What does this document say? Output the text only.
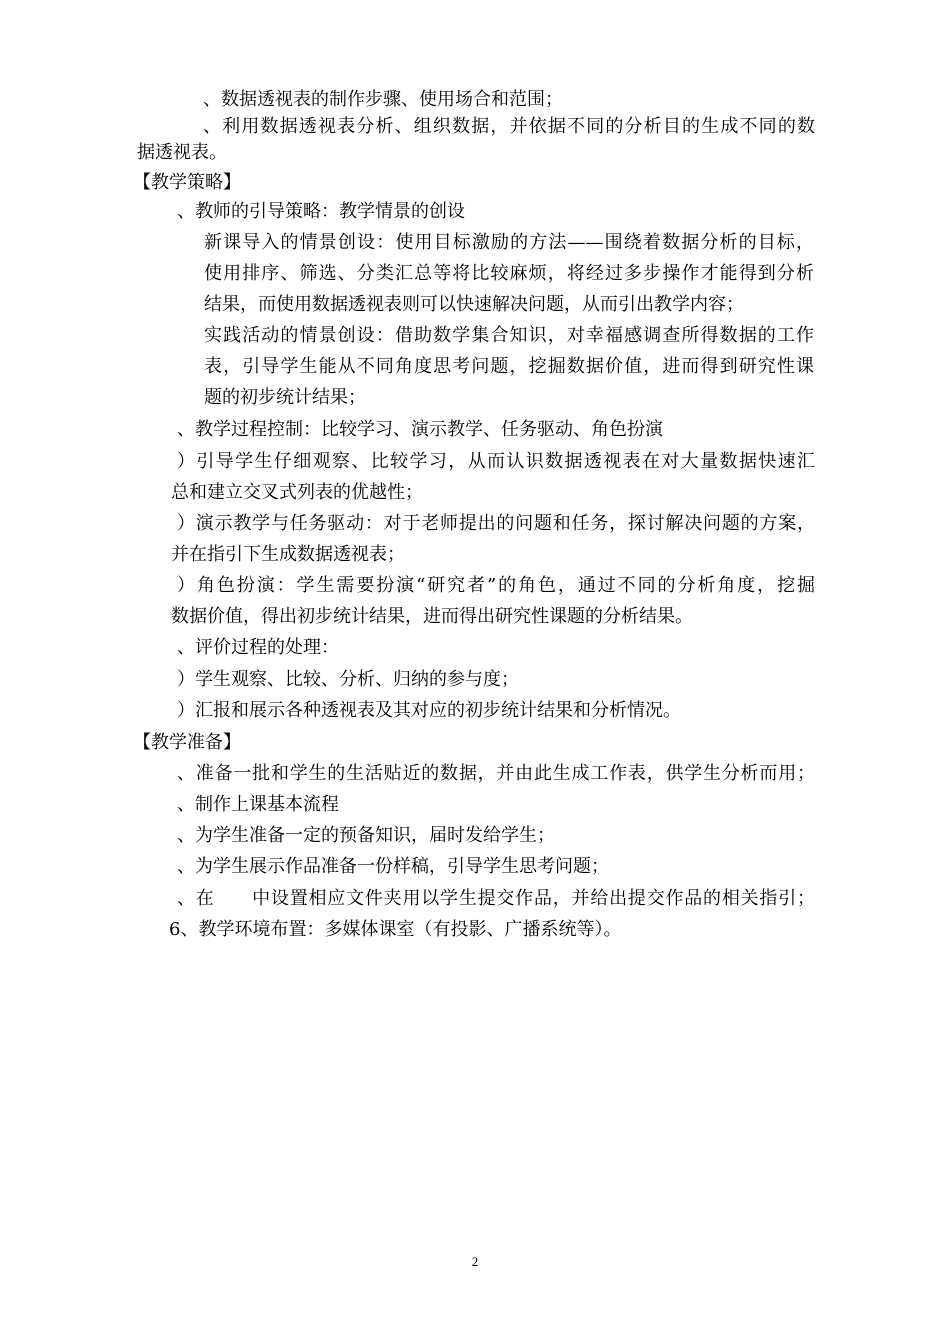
、数据透视表的制作步骤、使用场合和范围；
、利用数据透视表分析、组织数据，并依据不同的分析目的生成不同的数
据透视表。
【教学策略】
、教师的引导策略：教学情景的创设
新课导入的情景创设：使用目标激励的方法——围绕着数据分析的目标，
使用排序、筛选、分类汇总等将比较麻烦，将经过多步操作才能得到分析
结果，而使用数据透视表则可以快速解决问题，从而引出教学内容；
实践活动的情景创设：借助数学集合知识，对幸福感调查所得数据的工作
表，引导学生能从不同角度思考问题，挖掘数据价值，进而得到研究性课
题的初步统计结果；
、教学过程控制：比较学习、演示教学、任务驱动、角色扮演
）引导学生仔细观察、比较学习，从而认识数据透视表在对大量数据快速汇
总和建立交叉式列表的优越性；
）演示教学与任务驱动：对于老师提出的问题和任务，探讨解决问题的方案，
并在指引下生成数据透视表；
）角色扮演：学生需要扮演“研究者”的角色，通过不同的分析角度，挖掘
数据价值，得出初步统计结果，进而得出研究性课题的分析结果。
、评价过程的处理：
）学生观察、比较、分析、归纳的参与度；
）汇报和展示各种透视表及其对应的初步统计结果和分析情况。
【教学准备】
、准备一批和学生的生活贴近的数据，并由此生成工作表，供学生分析而用；
、制作上课基本流程
、为学生准备一定的预备知识，届时发给学生；
、为学生展示作品准备一份样稿，引导学生思考问题；
、在　　中设置相应文件夹用以学生提交作品，并给出提交作品的相关指引；
6、教学环境布置：多媒体课室（有投影、广播系统等）。
2
